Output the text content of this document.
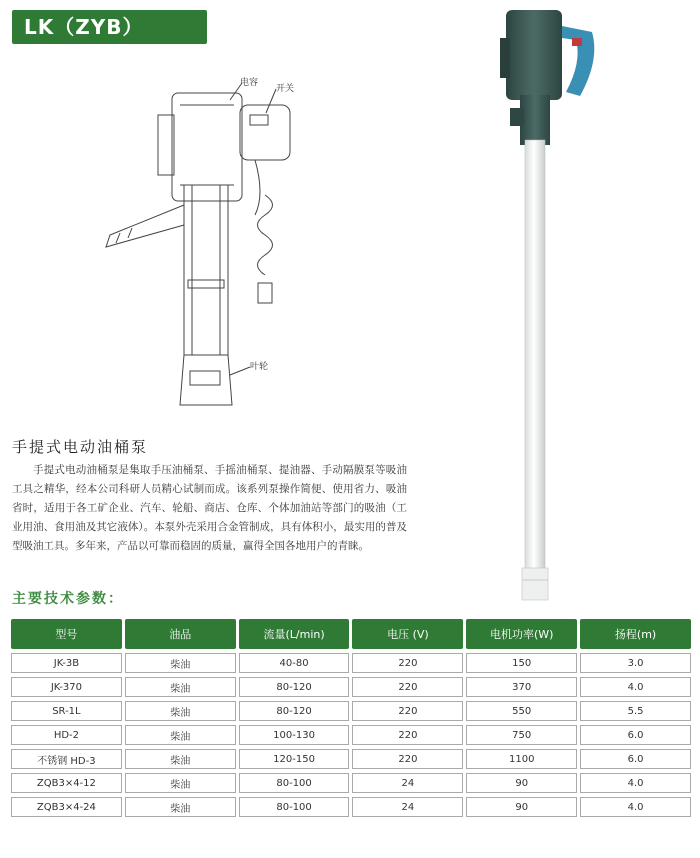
LK（ZYB）
电容
开关
叶轮
手提式电动油桶泵
手提式电动油桶泵是集取手压油桶泵、手摇油桶泵、提油器、手动隔膜泵等吸油工具之精华，经本公司科研人员精心试制而成。该系列泵操作简便、使用省力、吸油省时，适用于各工矿企业、汽车、轮船、商店、仓库、个体加油站等部门的吸油（工业用油、食用油及其它液体）。本泵外壳采用合金管制成，具有体积小，最实用的普及型吸油工具。多年来，产品以可靠而稳固的质量，赢得全国各地用户的青睐。
主要技术参数：
型号	油品	流量(L/min)	电压 (V)	电机功率(W)	扬程(m)
JK-3B	柴油	40-80	220	150	3.0
JK-370	柴油	80-120	220	370	4.0
SR-1L	柴油	80-120	220	550	5.5
HD-2	柴油	100-130	220	750	6.0
不锈钢 HD-3	柴油	120-150	220	1100	6.0
ZQB3×4-12	柴油	80-100	24	90	4.0
ZQB3×4-24	柴油	80-100	24	90	4.0
